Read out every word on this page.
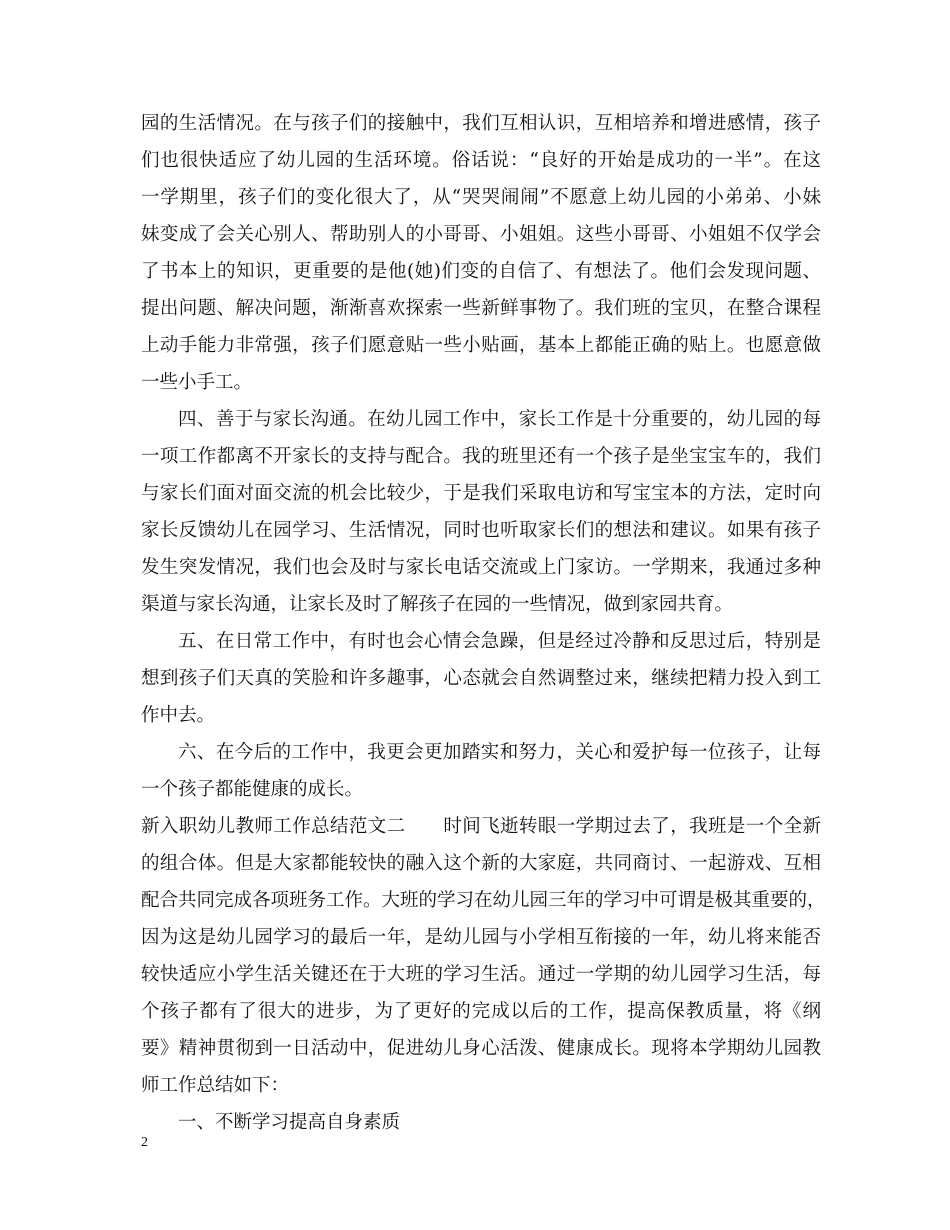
园的生活情况。在与孩子们的接触中，我们互相认识，互相培养和增进感情，孩子
们也很快适应了幼儿园的生活环境。俗话说：“良好的开始是成功的一半”。在这
一学期里，孩子们的变化很大了，从“哭哭闹闹”不愿意上幼儿园的小弟弟、小妹
妹变成了会关心别人、帮助别人的小哥哥、小姐姐。这些小哥哥、小姐姐不仅学会
了书本上的知识，更重要的是他(她)们变的自信了、有想法了。他们会发现问题、
提出问题、解决问题，渐渐喜欢探索一些新鲜事物了。我们班的宝贝，在整合课程
上动手能力非常强，孩子们愿意贴一些小贴画，基本上都能正确的贴上。也愿意做
一些小手工。
四、善于与家长沟通。在幼儿园工作中，家长工作是十分重要的，幼儿园的每
一项工作都离不开家长的支持与配合。我的班里还有一个孩子是坐宝宝车的，我们
与家长们面对面交流的机会比较少，于是我们采取电访和写宝宝本的方法，定时向
家长反馈幼儿在园学习、生活情况，同时也听取家长们的想法和建议。如果有孩子
发生突发情况，我们也会及时与家长电话交流或上门家访。一学期来，我通过多种
渠道与家长沟通，让家长及时了解孩子在园的一些情况，做到家园共育。
五、在日常工作中，有时也会心情会急躁，但是经过冷静和反思过后，特别是
想到孩子们天真的笑脸和许多趣事，心态就会自然调整过来，继续把精力投入到工
作中去。
六、在今后的工作中，我更会更加踏实和努力，关心和爱护每一位孩子，让每
一个孩子都能健康的成长。
新入职幼儿教师工作总结范文二　　时间飞逝转眼一学期过去了，我班是一个全新
的组合体。但是大家都能较快的融入这个新的大家庭，共同商讨、一起游戏、互相
配合共同完成各项班务工作。大班的学习在幼儿园三年的学习中可谓是极其重要的，
因为这是幼儿园学习的最后一年，是幼儿园与小学相互衔接的一年，幼儿将来能否
较快适应小学生活关键还在于大班的学习生活。通过一学期的幼儿园学习生活，每
个孩子都有了很大的进步，为了更好的完成以后的工作，提高保教质量，将《纲
要》精神贯彻到一日活动中，促进幼儿身心活泼、健康成长。现将本学期幼儿园教
师工作总结如下：
一、不断学习提高自身素质
2
